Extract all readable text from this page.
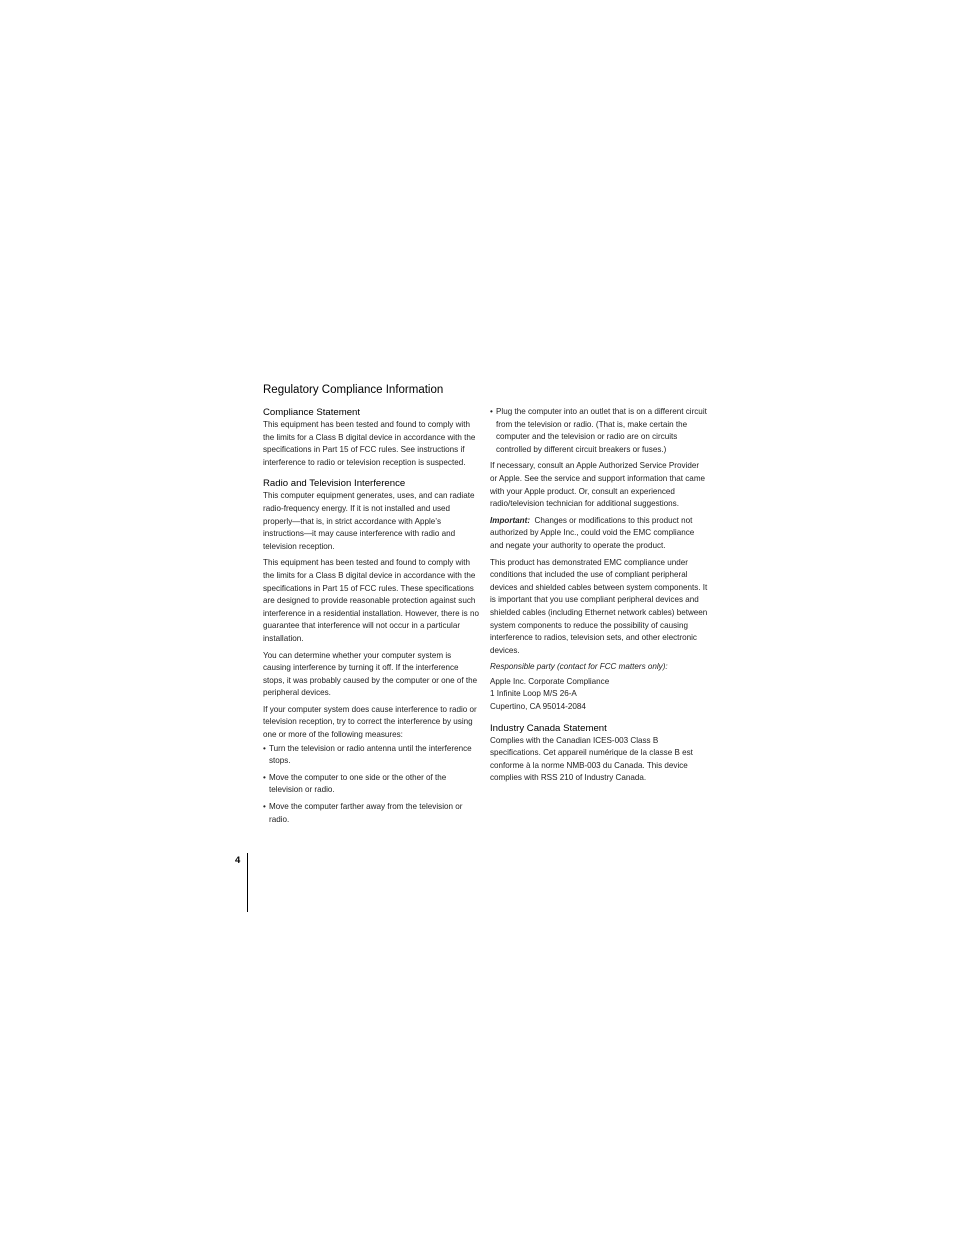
Regulatory Compliance Information
Compliance Statement

This equipment has been tested and found to comply with the limits for a Class B digital device in accordance with the specifications in Part 15 of FCC rules. See instructions if interference to radio or television reception is suspected.

Radio and Television Interference

This computer equipment generates, uses, and can radiate radio-frequency energy. If it is not installed and used properly—that is, in strict accordance with Apple’s instructions—it may cause interference with radio and television reception.

This equipment has been tested and found to comply with the limits for a Class B digital device in accordance with the specifications in Part 15 of FCC rules. These specifications are designed to provide reasonable protection against such interference in a residential installation. However, there is no guarantee that interference will not occur in a particular installation.

You can determine whether your computer system is causing interference by turning it off. If the interference stops, it was probably caused by the computer or one of the peripheral devices.

If your computer system does cause interference to radio or television reception, try to correct the interference by using one or more of the following measures:

• Turn the television or radio antenna until the interference stops.
• Move the computer to one side or the other of the television or radio.
• Move the computer farther away from the television or radio.
• Plug the computer into an outlet that is on a different circuit from the television or radio. (That is, make certain the computer and the television or radio are on circuits controlled by different circuit breakers or fuses.)

If necessary, consult an Apple Authorized Service Provider or Apple. See the service and support information that came with your Apple product. Or, consult an experienced radio/television technician for additional suggestions.

Important: Changes or modifications to this product not authorized by Apple Inc., could void the EMC compliance and negate your authority to operate the product.

This product has demonstrated EMC compliance under conditions that included the use of compliant peripheral devices and shielded cables between system components. It is important that you use compliant peripheral devices and shielded cables (including Ethernet network cables) between system components to reduce the possibility of causing interference to radios, television sets, and other electronic devices.

Responsible party (contact for FCC matters only):

Apple Inc. Corporate Compliance
1 Infinite Loop M/S 26-A
Cupertino, CA 95014-2084
Industry Canada Statement

Complies with the Canadian ICES-003 Class B specifications. Cet appareil numérique de la classe B est conforme à la norme NMB-003 du Canada. This device complies with RSS 210 of Industry Canada.

4
